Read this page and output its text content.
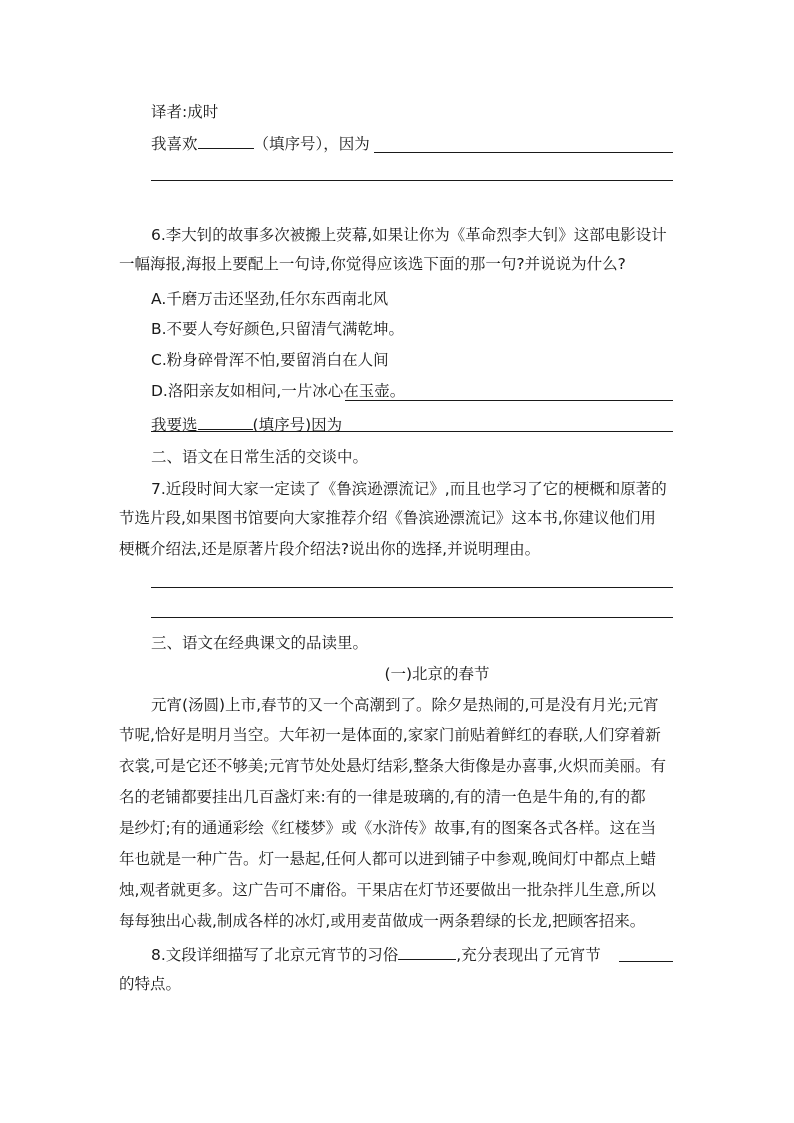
译者:成时
我喜欢	（填序号），因为
6.李大钊的故事多次被搬上荧幕,如果让你为《革命烈李大钊》这部电影设计
一幅海报,海报上要配上一句诗,你觉得应该选下面的那一句?并说说为什么?
A.千磨万击还坚劲,任尔东西南北风
B.不要人夸好颜色,只留清气满乾坤。
C.粉身碎骨浑不怕,要留消白在人间
D.洛阳亲友如相问,一片冰心在玉壶。
我要选	(填序号)因为
二、语文在日常生活的交谈中。
7.近段时间大家一定读了《鲁滨逊漂流记》,而且也学习了它的梗概和原著的
节选片段,如果图书馆要向大家推荐介绍《鲁滨逊漂流记》这本书,你建议他们用
梗概介绍法,还是原著片段介绍法?说出你的选择,并说明理由。
三、语文在经典课文的品读里。
(一)北京的春节
元宵(汤圆)上市,春节的又一个高潮到了。除夕是热闹的,可是没有月光;元宵
节呢,恰好是明月当空。大年初一是体面的,家家门前贴着鲜红的春联,人们穿着新
衣裳,可是它还不够美;元宵节处处悬灯结彩,整条大街像是办喜事,火炽而美丽。有
名的老铺都要挂出几百盏灯来:有的一律是玻璃的,有的清一色是牛角的,有的都
是纱灯;有的通通彩绘《红楼梦》或《水浒传》故事,有的图案各式各样。这在当
年也就是一种广告。灯一悬起,任何人都可以进到铺子中参观,晚间灯中都点上蜡
烛,观者就更多。这广告可不庸俗。干果店在灯节还要做出一批杂拌儿生意,所以
每每独出心裁,制成各样的冰灯,或用麦苗做成一两条碧绿的长龙,把顾客招来。
8.文段详细描写了北京元宵节的习俗	,充分表现出了元宵节
的特点。
